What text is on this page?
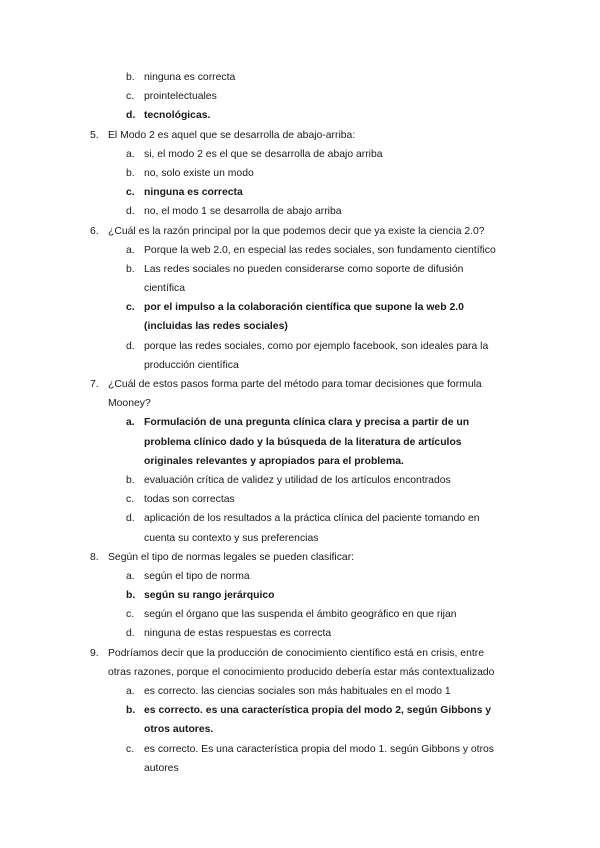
b. ninguna es correcta
c. prointelectuales
d. tecnológicas.
5. El Modo 2 es aquel que se desarrolla de abajo-arriba:
a. si, el modo 2 es el que se desarrolla de abajo arriba
b. no, solo existe un modo
c. ninguna es correcta
d. no, el modo 1 se desarrolla de abajo arriba
6. ¿Cuál es la razón principal por la que podemos decir que ya existe la ciencia 2.0?
a. Porque la web 2.0, en especial las redes sociales, son fundamento científico
b. Las redes sociales no pueden considerarse como soporte de difusión
científica
c. por el impulso a la colaboración científica que supone la web 2.0
(incluidas las redes sociales)
d. porque las redes sociales, como por ejemplo facebook, son ideales para la
producción científica
7. ¿Cuál de estos pasos forma parte del método para tomar decisiones que formula
Mooney?
a. Formulación de una pregunta clínica clara y precisa a partir de un
problema clínico dado y la búsqueda de la literatura de artículos
originales relevantes y apropiados para el problema.
b. evaluación crítica de validez y utilidad de los artículos encontrados
c. todas son correctas
d. aplicación de los resultados a la práctica clínica del paciente tomando en
cuenta su contexto y sus preferencias
8. Según el tipo de normas legales se pueden clasificar:
a. según el tipo de norma
b. según su rango jerárquico
c. según el órgano que las suspenda el ámbito geográfico en que rijan
d. ninguna de estas respuestas es correcta
9. Podríamos decir que la producción de conocimiento científico está en crisis, entre
otras razones, porque el conocimiento producido debería estar más contextualizado
a. es correcto. las ciencias sociales son más habituales en el modo 1
b. es correcto. es una característica propia del modo 2, según Gibbons y
otros autores.
c. es correcto. Es una característica propia del modo 1. según Gibbons y otros
autores
